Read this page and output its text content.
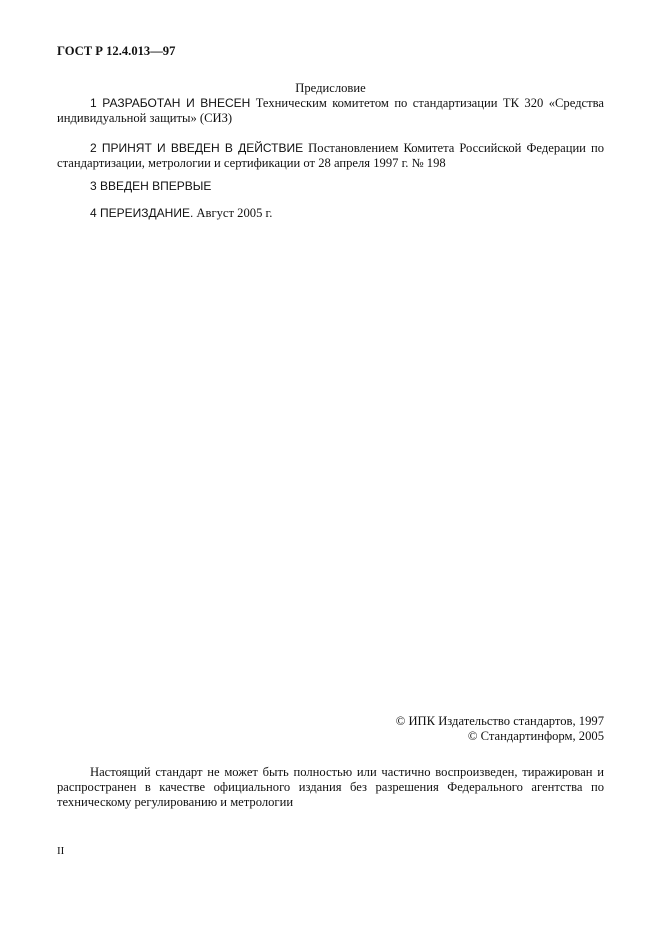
ГОСТ Р 12.4.013—97
Предисловие

1 РАЗРАБОТАН И ВНЕСЕН Техническим комитетом по стандартизации ТК 320 «Средства индивидуальной защиты» (СИЗ)

2 ПРИНЯТ И ВВЕДЕН В ДЕЙСТВИЕ Постановлением Комитета Российской Федерации по стандартизации, метрологии и сертификации от 28 апреля 1997 г. № 198

3 ВВЕДЕН ВПЕРВЫЕ

4 ПЕРЕИЗДАНИЕ. Август 2005 г.

© ИПК Издательство стандартов, 1997
© Стандартинформ, 2005

Настоящий стандарт не может быть полностью или частично воспроизведен, тиражирован и распространен в качестве официального издания без разрешения Федерального агентства по техническому регулированию и метрологии

II
